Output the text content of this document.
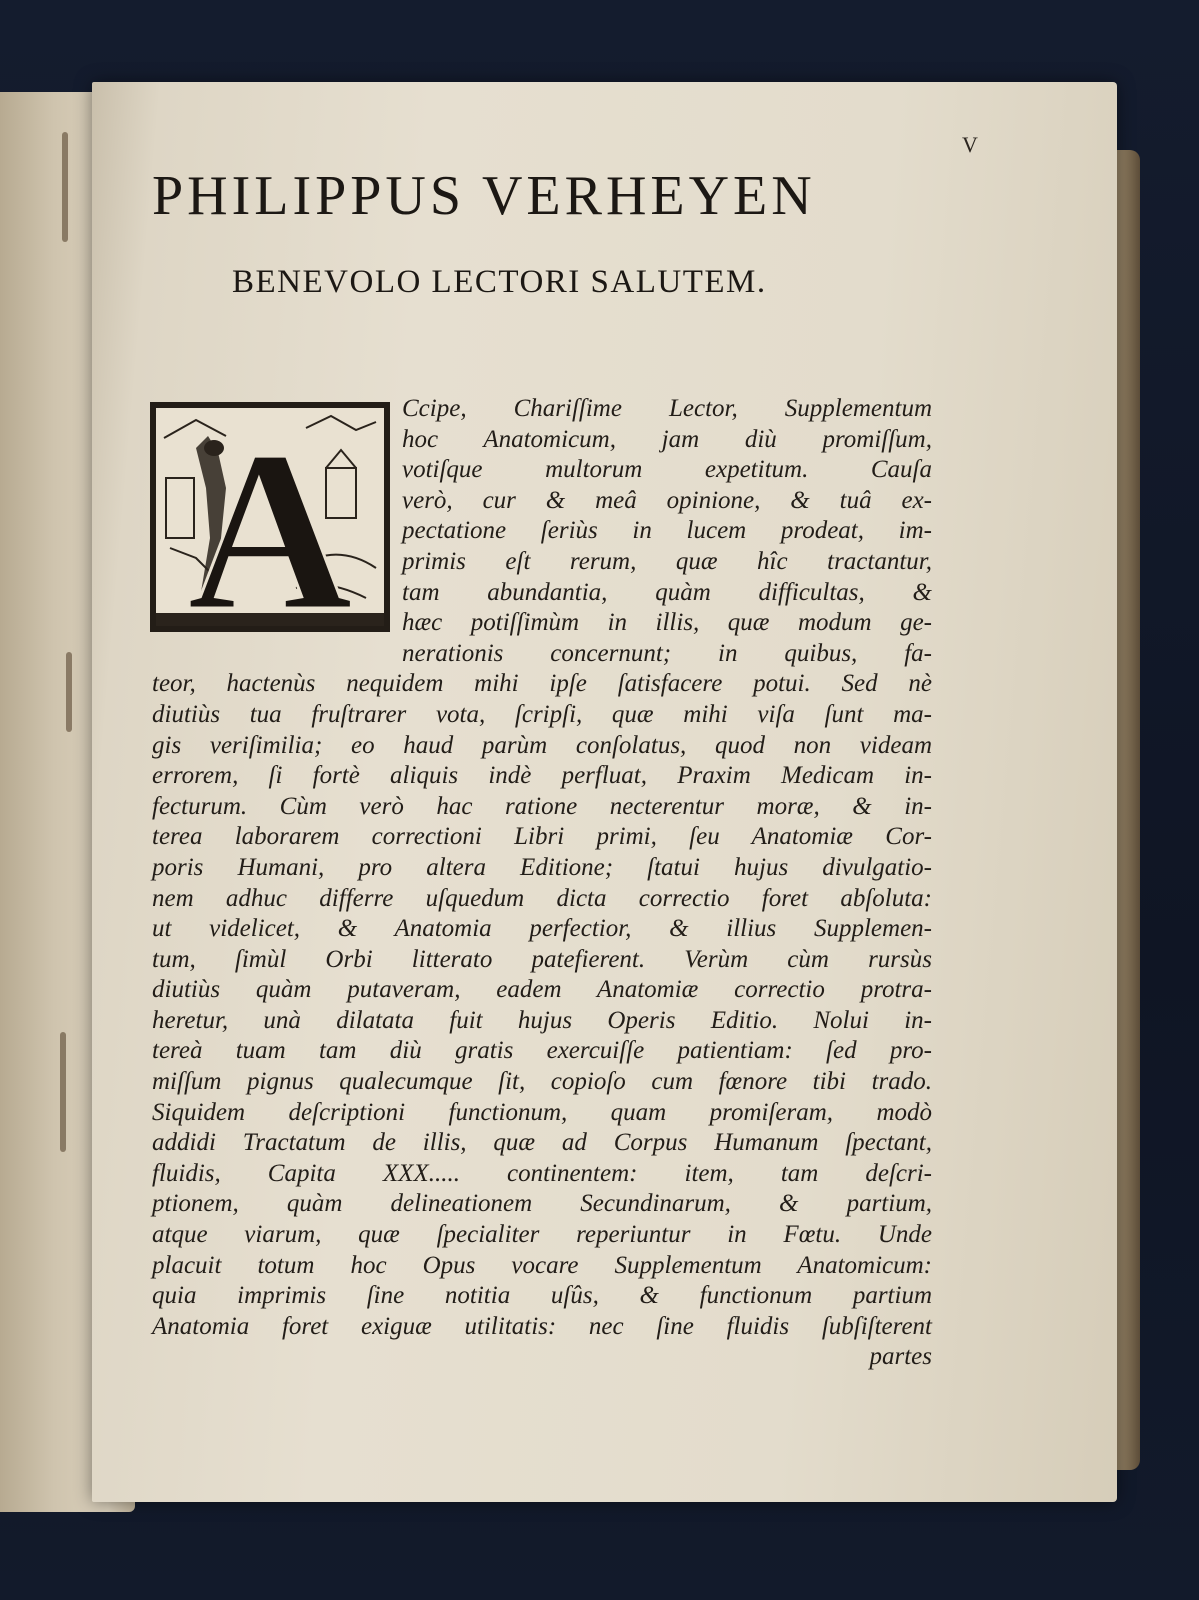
V
PHILIPPUS VERHEYEN
BENEVOLO LECTORI SALUTEM.
A	Ccipe, Chariſſime Lector, Supplementum
hoc Anatomicum, jam diù promiſſum,
votiſque multorum expetitum. Cauſa
verò, cur & meâ opinione, & tuâ ex-
pectatione ſeriùs in lucem prodeat, im-
primis eſt rerum, quæ hîc tractantur,
tam abundantia, quàm difficultas, &
hæc potiſſimùm in illis, quæ modum ge-
nerationis concernunt; in quibus, fa-
teor, hactenùs nequidem mihi ipſe ſatisfacere potui. Sed nè
diutiùs tua fruſtrarer vota, ſcripſi, quæ mihi viſa ſunt ma-
gis veriſimilia; eo haud parùm conſolatus, quod non videam
errorem, ſi fortè aliquis indè perfluat, Praxim Medicam in-
fecturum. Cùm verò hac ratione necterentur moræ, & in-
terea laborarem correctioni Libri primi, ſeu Anatomiæ Cor-
poris Humani, pro altera Editione; ſtatui hujus divulgatio-
nem adhuc differre uſquedum dicta correctio foret abſoluta:
ut videlicet, & Anatomia perfectior, & illius Supplemen-
tum, ſimùl Orbi litterato patefierent. Verùm cùm rursùs
diutiùs quàm putaveram, eadem Anatomiæ correctio protra-
heretur, unà dilatata fuit hujus Operis Editio. Nolui in-
tereà tuam tam diù gratis exercuiſſe patientiam: ſed pro-
miſſum pignus qualecumque ſit, copioſo cum fœnore tibi trado.
Siquidem deſcriptioni functionum, quam promiſeram, modò
addidi Tractatum de illis, quæ ad Corpus Humanum ſpectant,
fluidis, Capita XXX..... continentem: item, tam deſcri-
ptionem, quàm delineationem Secundinarum, & partium,
atque viarum, quæ ſpecialiter reperiuntur in Fœtu. Unde
placuit totum hoc Opus vocare Supplementum Anatomicum:
quia imprimis ſine notitia uſûs, & functionum partium
Anatomia foret exiguæ utilitatis: nec ſine fluidis ſubſiſterent
partes
